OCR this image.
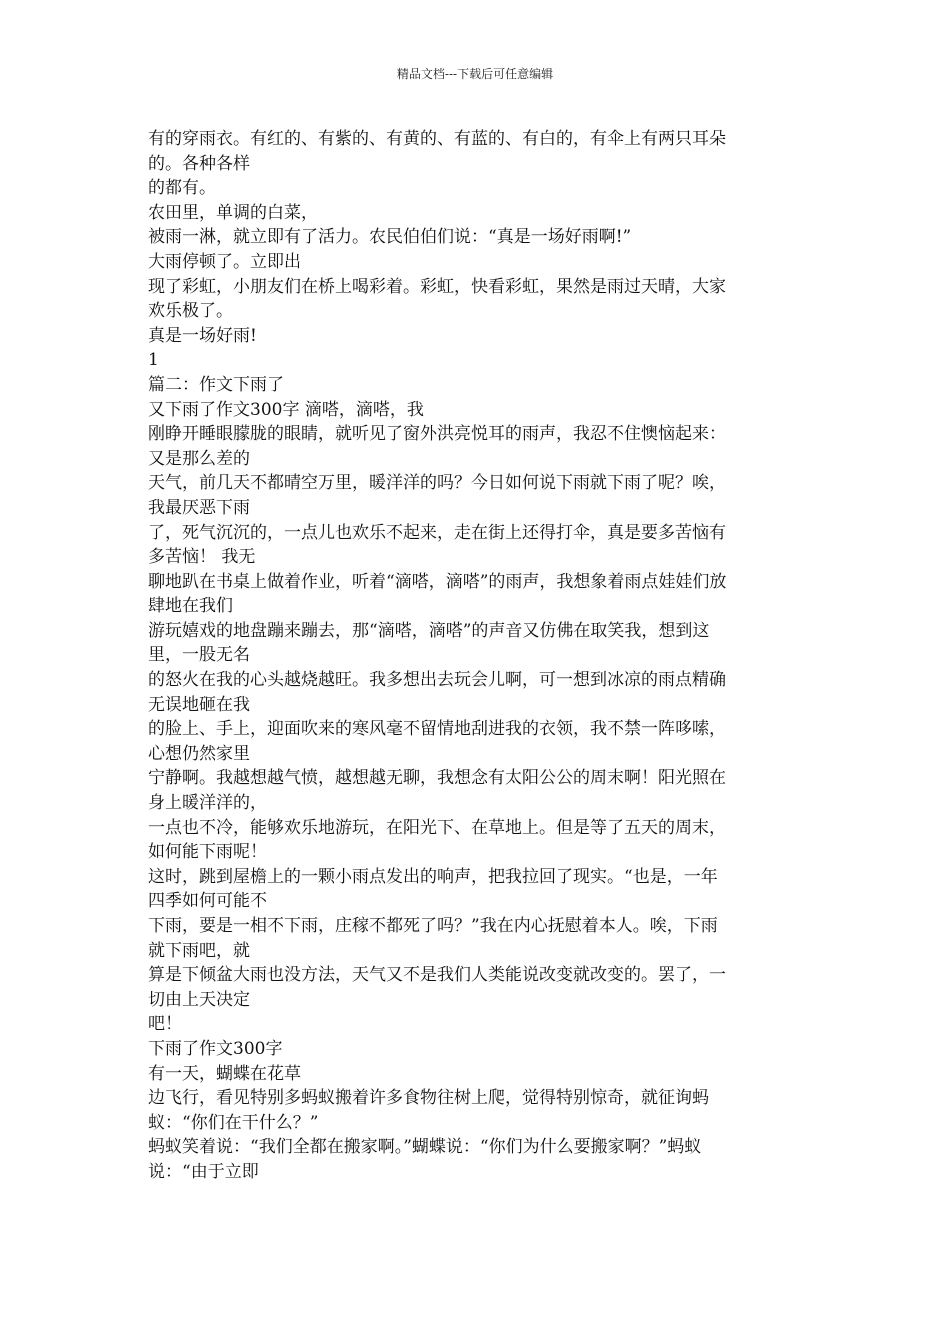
精品文档---下载后可任意编辑
有的穿雨衣。有红的、有紫的、有黄的、有蓝的、有白的，有伞上有两只耳朵
的。各种各样
的都有。
农田里，单调的白菜，
被雨一淋，就立即有了活力。农民伯伯们说：“真是一场好雨啊!”
大雨停顿了。立即出
现了彩虹，小朋友们在桥上喝彩着。彩虹，快看彩虹，果然是雨过天晴，大家
欢乐极了。
真是一场好雨!
1
篇二：作文下雨了
又下雨了作文300字 滴嗒，滴嗒，我
刚睁开睡眼朦胧的眼睛，就听见了窗外洪亮悦耳的雨声，我忍不住懊恼起来：
又是那么差的
天气，前几天不都晴空万里，暖洋洋的吗？今日如何说下雨就下雨了呢？唉，
我最厌恶下雨
了，死气沉沉的，一点儿也欢乐不起来，走在街上还得打伞，真是要多苦恼有
多苦恼！ 我无
聊地趴在书桌上做着作业，听着“滴嗒，滴嗒”的雨声，我想象着雨点娃娃们放
肆地在我们
游玩嬉戏的地盘蹦来蹦去，那“滴嗒，滴嗒”的声音又仿佛在取笑我，想到这
里，一股无名
的怒火在我的心头越烧越旺。我多想出去玩会儿啊，可一想到冰凉的雨点精确
无误地砸在我
的脸上、手上，迎面吹来的寒风毫不留情地刮进我的衣领，我不禁一阵哆嗦，
心想仍然家里
宁静啊。我越想越气愤，越想越无聊，我想念有太阳公公的周末啊！阳光照在
身上暖洋洋的，
一点也不冷，能够欢乐地游玩，在阳光下、在草地上。但是等了五天的周末，
如何能下雨呢！
这时，跳到屋檐上的一颗小雨点发出的响声，把我拉回了现实。“也是，一年
四季如何可能不
下雨，要是一相不下雨，庄稼不都死了吗？”我在内心抚慰着本人。唉，下雨
就下雨吧，就
算是下倾盆大雨也没方法，天气又不是我们人类能说改变就改变的。罢了，一
切由上天决定
吧！
下雨了作文300字
有一天，蝴蝶在花草
边飞行，看见特别多蚂蚁搬着许多食物往树上爬，觉得特别惊奇，就征询蚂
蚁：“你们在干什么？”
蚂蚁笑着说：“我们全都在搬家啊。”蝴蝶说：“你们为什么要搬家啊？”蚂蚁
说：“由于立即
